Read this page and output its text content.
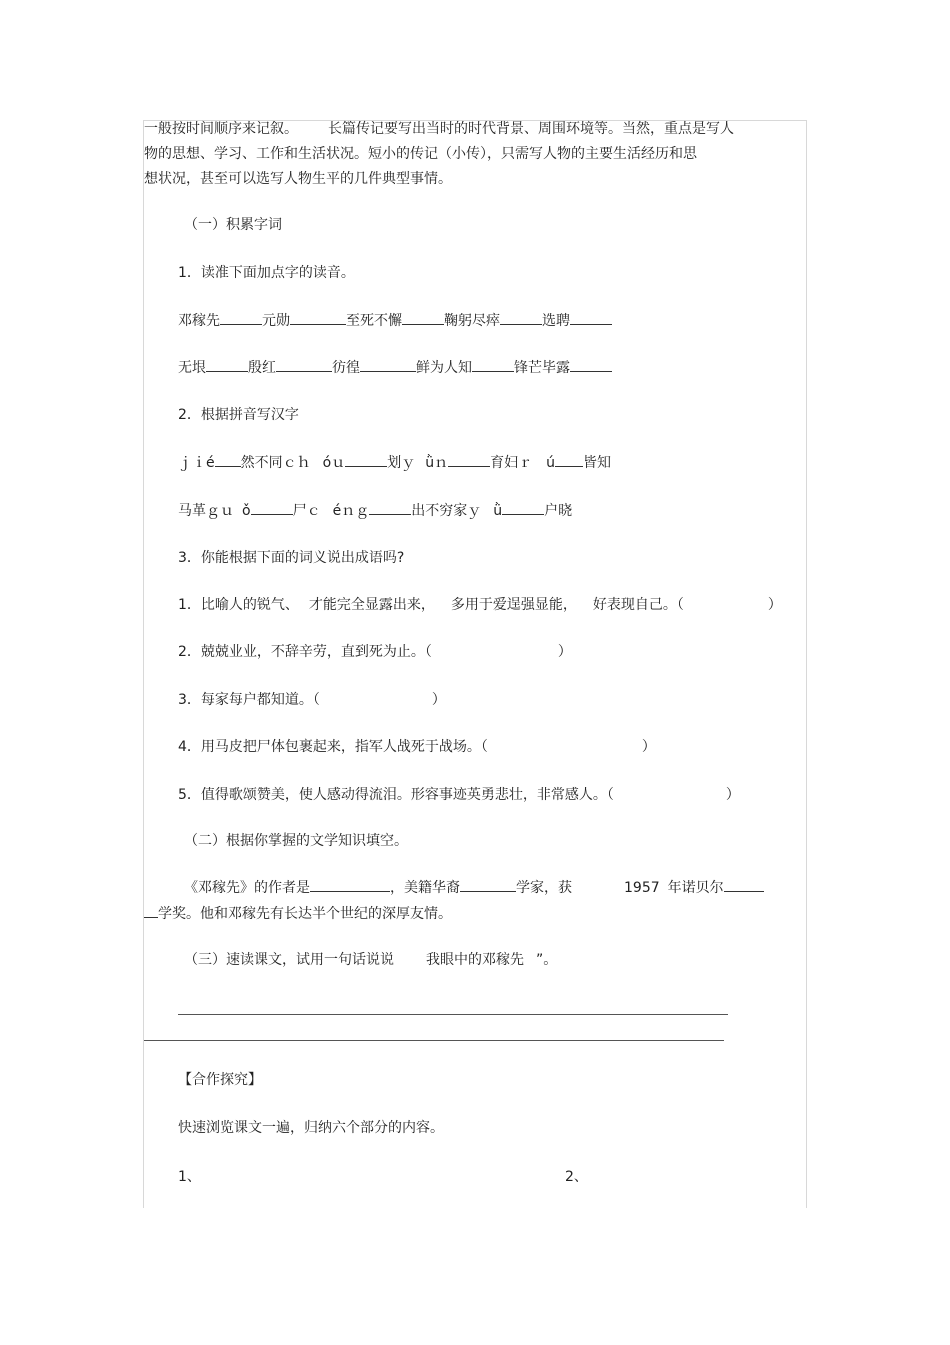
一般按时间顺序来记叙。 长篇传记要写出当时的时代背景、周围环境等。当然，重点是写人
物的思想、学习、工作和生活状况。短小的传记（小传），只需写人物的主要生活经历和思
想状况，甚至可以选写人物生平的几件典型事情。
（一）积累字词
1．读准下面加点字的读音。
邓稼先	元勋	至死不懈	鞠躬尽瘁	选聘
无垠	殷红	彷徨	鲜为人知	锋芒毕露
2．根据拼音写汉字
ｊｉé 然不同ｃｈ óｕ	划ｙ ǜｎ	育妇ｒ ú 皆知
马革ｇｕ ǒ	尸ｃ éｎｇ	出不穷家ｙ ǜ	户晓
3．你能根据下面的词义说出成语吗?
1．比喻人的锐气、 才能完全显露出来， 多用于爱逞强显能， 好表现自己。（	）
2．兢兢业业，不辞辛劳，直到死为止。（	）
3．每家每户都知道。（	）
4．用马皮把尸体包裹起来，指军人战死于战场。（	）
5．值得歌颂赞美，使人感动得流泪。形容事迹英勇悲壮，非常感人。（	）
（二）根据你掌握的文学知识填空。
《邓稼先》的作者是	，美籍华裔	学家，获	1957 年诺贝尔
学奖。他和邓稼先有长达半个世纪的深厚友情。
（三）速读课文，试用一句话说说 我眼中的邓稼先 ”。
【合作探究】
快速浏览课文一遍，归纳六个部分的内容。
1、	2、
